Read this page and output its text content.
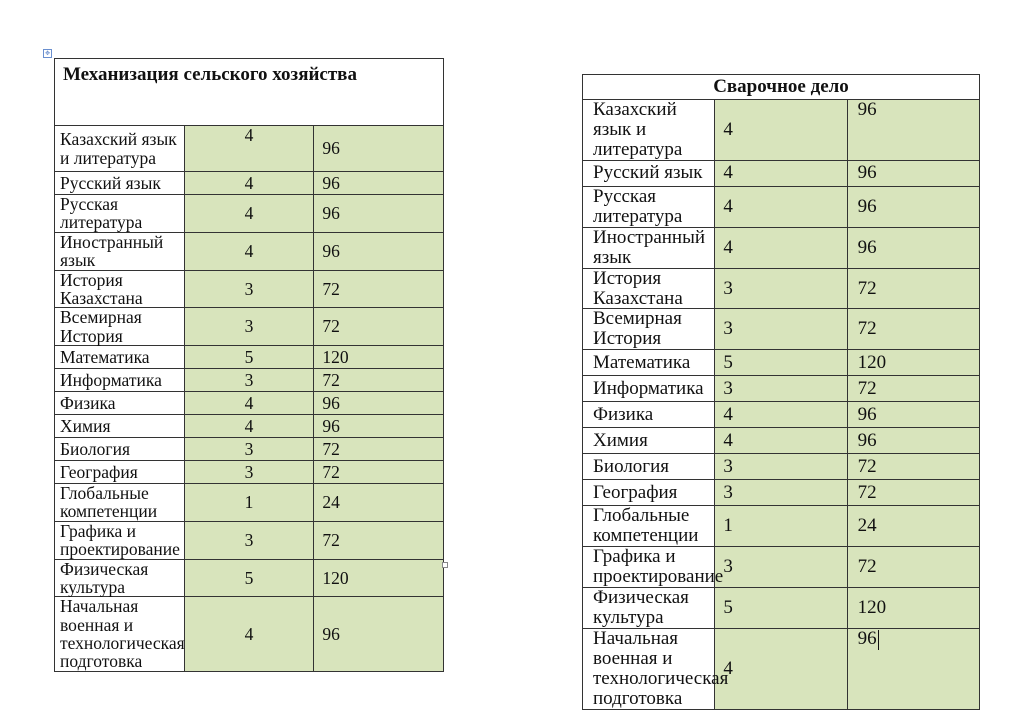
✥
Механизация сельского хозяйства		
Казахский язык и литература	4	96
Русский язык	4	96
Русская литература	4	96
Иностранный язык	4	96
История Казахстана	3	72
Всемирная История	3	72
Математика	5	120
Информатика	3	72
Физика	4	96
Химия	4	96
Биология	3	72
География	3	72
Глобальные компетенции	1	24
Графика и проектирование	3	72
Физическая культура	5	120
Начальная военная и технологическая подготовка	4	96
Сварочное дело		
Казахский язык и литература	4	96
Русский язык	4	96
Русская литература	4	96
Иностранный язык	4	96
История Казахстана	3	72
Всемирная История	3	72
Математика	5	120
Информатика	3	72
Физика	4	96
Химия	4	96
Биология	3	72
География	3	72
Глобальные компетенции	1	24
Графика и проектирование	3	72
Физическая культура	5	120
Начальная военная и технологическая подготовка	4	96
